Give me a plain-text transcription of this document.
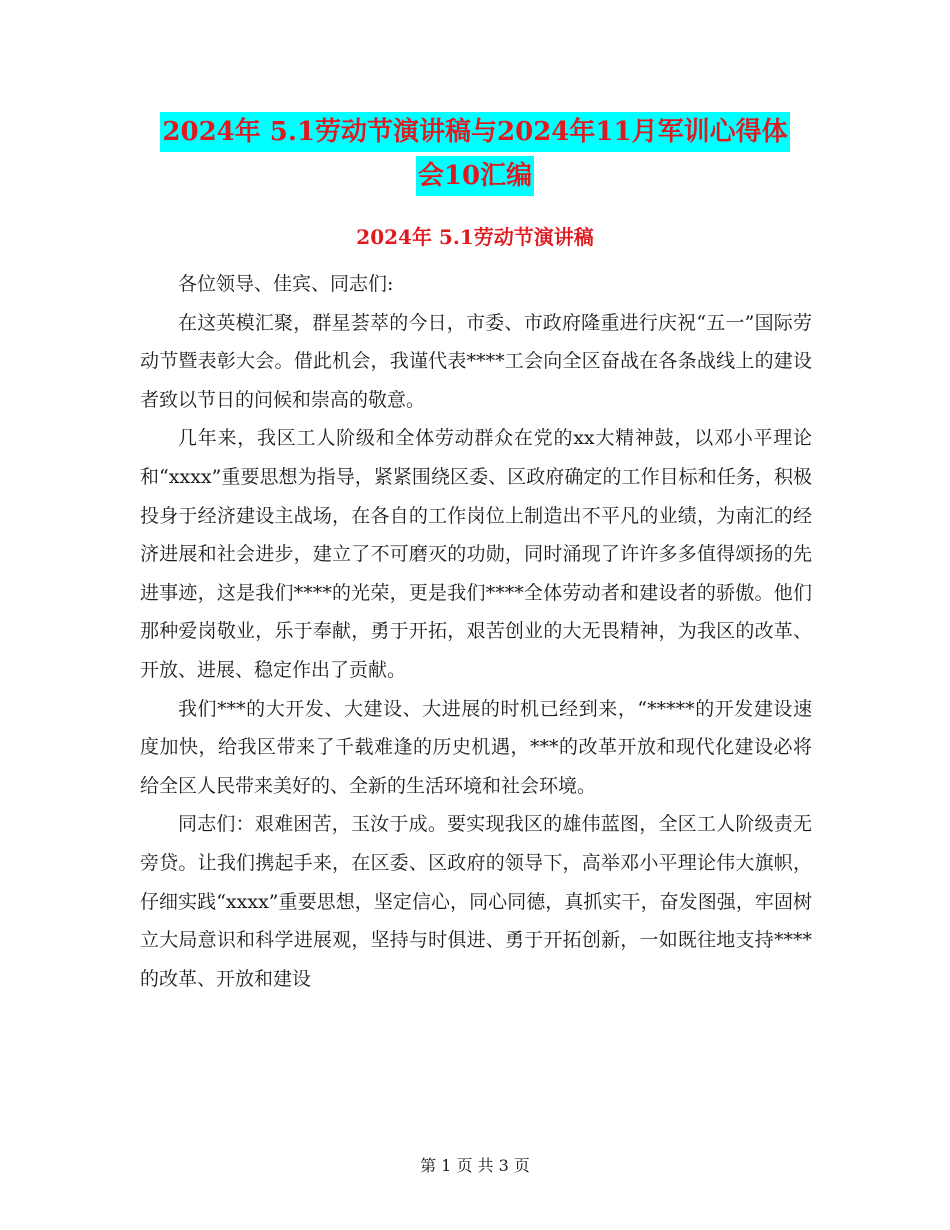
2024年 5.1劳动节演讲稿与2024年11月军训心得体
会10汇编
2024年 5.1劳动节演讲稿

各位领导、佳宾、同志们:

在这英模汇聚，群星荟萃的今日，市委、市政府隆重进行庆祝“五一”国际劳动节暨表彰大会。借此机会，我谨代表****工会向全区奋战在各条战线上的建设者致以节日的问候和崇高的敬意。

几年来，我区工人阶级和全体劳动群众在党的xx大精神鼓，以邓小平理论和“xxxx”重要思想为指导，紧紧围绕区委、区政府确定的工作目标和任务，积极投身于经济建设主战场，在各自的工作岗位上制造出不平凡的业绩，为南汇的经济进展和社会进步，建立了不可磨灭的功勋，同时涌现了许许多多值得颂扬的先进事迹，这是我们****的光荣，更是我们****全体劳动者和建设者的骄傲。他们那种爱岗敬业，乐于奉献，勇于开拓，艰苦创业的大无畏精神，为我区的改革、开放、进展、稳定作出了贡献。

我们***的大开发、大建设、大进展的时机已经到来，“*****的开发建设速度加快，给我区带来了千载难逢的历史机遇，***的改革开放和现代化建设必将给全区人民带来美好的、全新的生活环境和社会环境。

同志们：艰难困苦，玉汝于成。要实现我区的雄伟蓝图，全区工人阶级责无旁贷。让我们携起手来，在区委、区政府的领导下，高举邓小平理论伟大旗帜，仔细实践“xxxx”重要思想，坚定信心，同心同德，真抓实干，奋发图强，牢固树立大局意识和科学进展观，坚持与时俱进、勇于开拓创新，一如既往地支持****的改革、开放和建设

第 1 页 共 3 页
